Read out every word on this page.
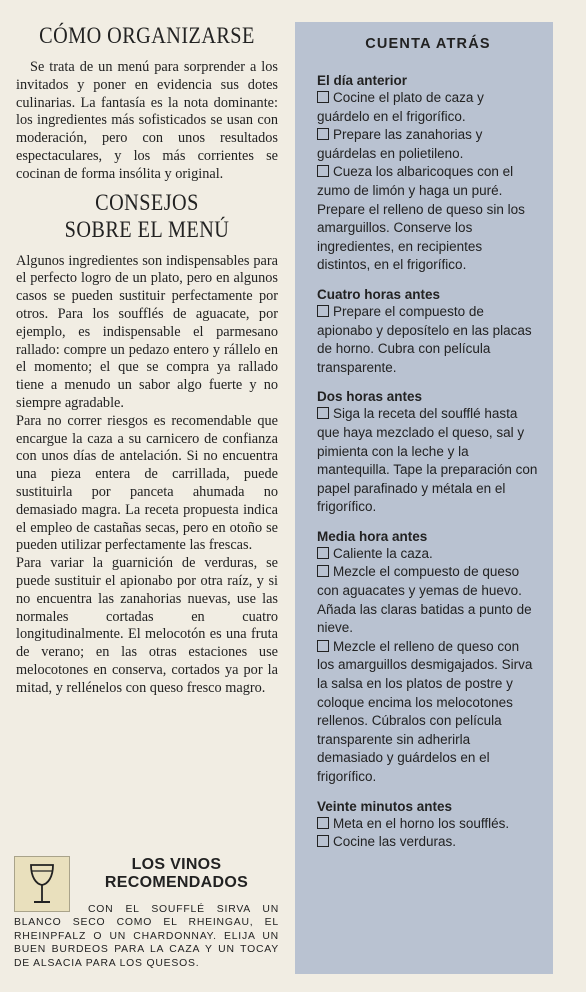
CÓMO ORGANIZARSE

Se trata de un menú para sorprender a los invitados y poner en evidencia sus dotes culinarias. La fantasía es la nota dominante: los ingredientes más sofisticados se usan con moderación, pero con unos resultados espectaculares, y los más corrientes se cocinan de forma insólita y original.

CONSEJOS
SOBRE EL MENÚ

Algunos ingredientes son indispensables para el perfecto logro de un plato, pero en algunos casos se pueden sustituir perfectamente por otros. Para los soufflés de aguacate, por ejemplo, es indispensable el parmesano rallado: compre un pedazo entero y rállelo en el momento; el que se compra ya rallado tiene a menudo un sabor algo fuerte y no siempre agradable.

Para no correr riesgos es recomendable que encargue la caza a su carnicero de confianza con unos días de antelación. Si no encuentra una pieza entera de carrillada, puede sustituirla por panceta ahumada no demasiado magra. La receta propuesta indica el empleo de castañas secas, pero en otoño se pueden utilizar perfectamente las frescas.

Para variar la guarnición de verduras, se puede sustituir el apionabo por otra raíz, y si no encuentra las zanahorias nuevas, use las normales cortadas en cuatro longitudinalmente. El melocotón es una fruta de verano; en las otras estaciones use melocotones en conserva, cortados ya por la mitad, y rellénelos con queso fresco magro.

LOS VINOS
RECOMENDADOS
CON EL SOUFFLÉ SIRVA UN BLANCO SECO COMO EL RHEINGAU, EL RHEINPFALZ O UN CHARDONNAY. ELIJA UN BUEN BURDEOS PARA LA CAZA Y UN TOCAY DE ALSACIA PARA LOS QUESOS.
CUENTA ATRÁS

El día anterior

Cocine el plato de caza y guárdelo en el frigorífico.

Prepare las zanahorias y guárdelas en polietileno.

Cueza los albaricoques con el zumo de limón y haga un puré. Prepare el relleno de queso sin los amarguillos. Conserve los ingredientes, en recipientes distintos, en el frigorífico.

Cuatro horas antes

Prepare el compuesto de apionabo y deposítelo en las placas de horno. Cubra con película transparente.

Dos horas antes

Siga la receta del soufflé hasta que haya mezclado el queso, sal y pimienta con la leche y la mantequilla. Tape la preparación con papel parafinado y métala en el frigorífico.

Media hora antes

Caliente la caza.

Mezcle el compuesto de queso con aguacates y yemas de huevo. Añada las claras batidas a punto de nieve.

Mezcle el relleno de queso con los amarguillos desmigajados. Sirva la salsa en los platos de postre y coloque encima los melocotones rellenos. Cúbralos con película transparente sin adherirla demasiado y guárdelos en el frigorífico.

Veinte minutos antes

Meta en el horno los soufflés.

Cocine las verduras.
